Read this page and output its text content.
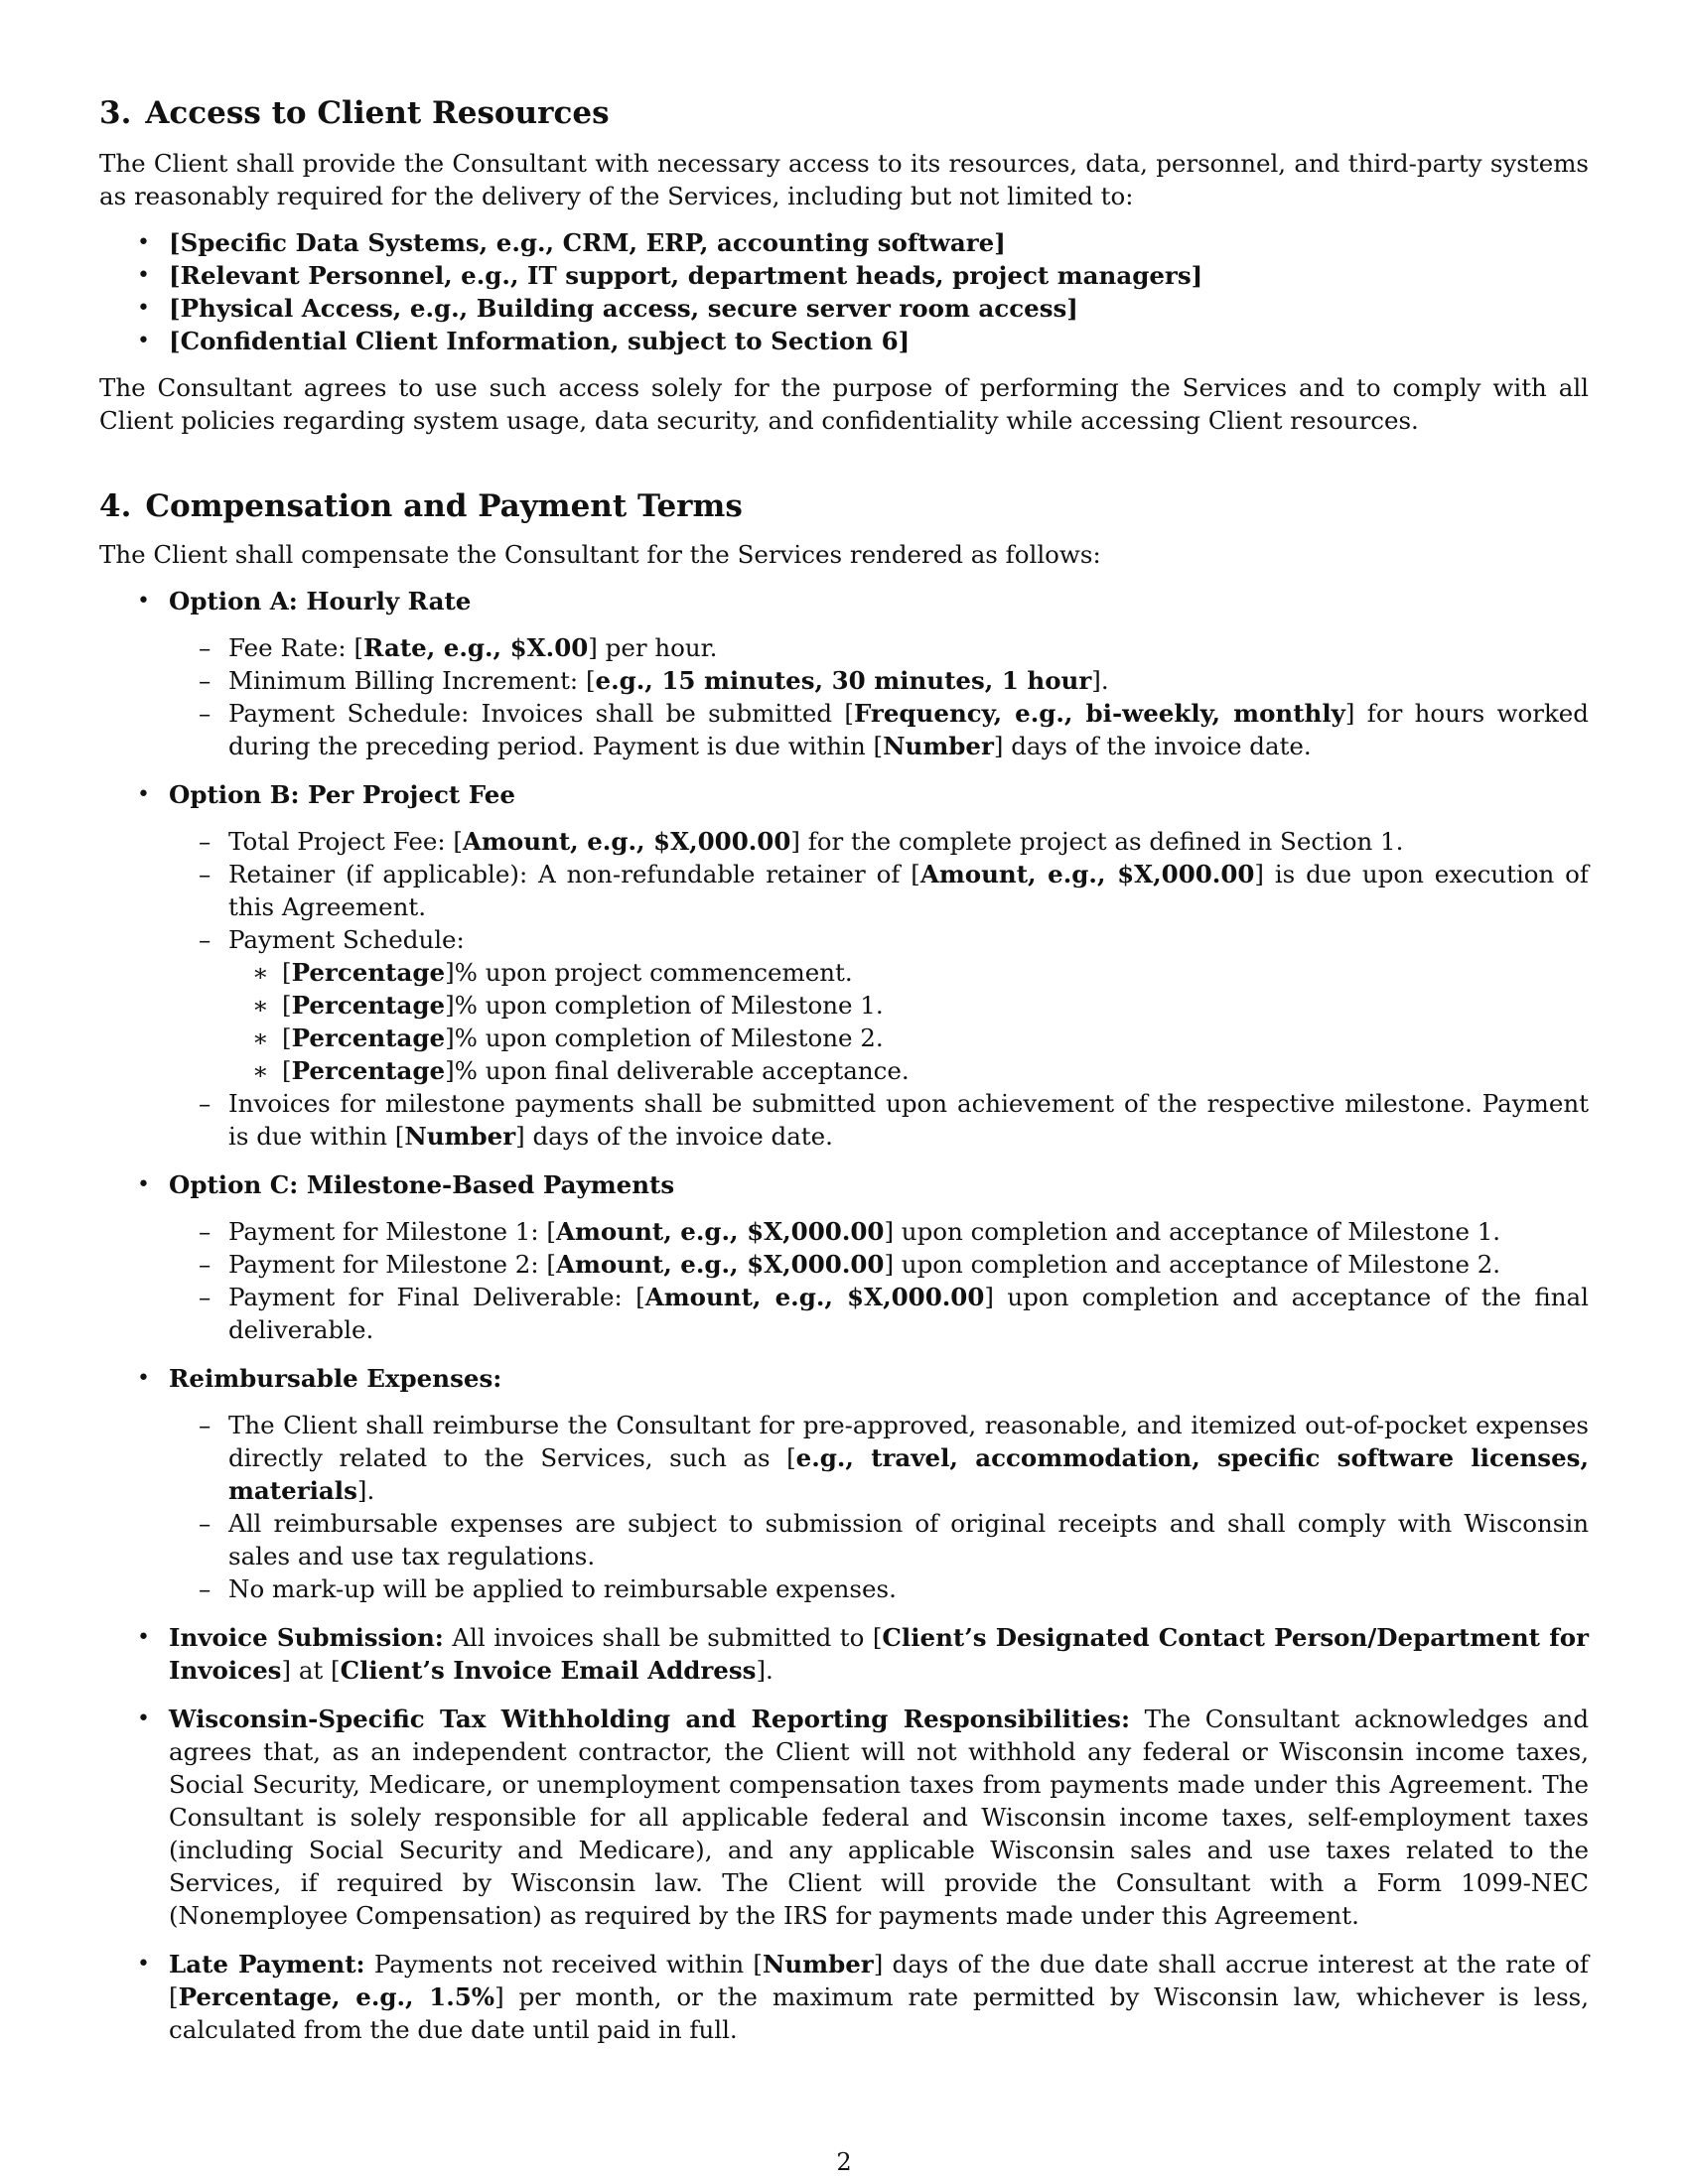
3. Access to Client Resources

The Client shall provide the Consultant with necessary access to its resources, data, personnel, and third-party systems as reasonably required for the delivery of the Services, including but not limited to:

• [Specific Data Systems, e.g., CRM, ERP, accounting software]
• [Relevant Personnel, e.g., IT support, department heads, project managers]
• [Physical Access, e.g., Building access, secure server room access]
• [Confidential Client Information, subject to Section 6]

The Consultant agrees to use such access solely for the purpose of performing the Services and to comply with all Client policies regarding system usage, data security, and confidentiality while accessing Client resources.

4. Compensation and Payment Terms

The Client shall compensate the Consultant for the Services rendered as follows:

• Option A: Hourly Rate
– Fee Rate: [Rate, e.g., $X.00] per hour.
– Minimum Billing Increment: [e.g., 15 minutes, 30 minutes, 1 hour].
– Payment Schedule: Invoices shall be submitted [Frequency, e.g., bi-weekly, monthly] for hours worked during the preceding period. Payment is due within [Number] days of the invoice date.
• Option B: Per Project Fee
– Total Project Fee: [Amount, e.g., $X,000.00] for the complete project as defined in Section 1.
– Retainer (if applicable): A non-refundable retainer of [Amount, e.g., $X,000.00] is due upon execution of this Agreement.
– Payment Schedule:
∗ [Percentage]% upon project commencement.
∗ [Percentage]% upon completion of Milestone 1.
∗ [Percentage]% upon completion of Milestone 2.
∗ [Percentage]% upon final deliverable acceptance.
– Invoices for milestone payments shall be submitted upon achievement of the respective milestone. Payment is due within [Number] days of the invoice date.
• Option C: Milestone-Based Payments
– Payment for Milestone 1: [Amount, e.g., $X,000.00] upon completion and acceptance of Milestone 1.
– Payment for Milestone 2: [Amount, e.g., $X,000.00] upon completion and acceptance of Milestone 2.
– Payment for Final Deliverable: [Amount, e.g., $X,000.00] upon completion and acceptance of the final deliverable.
• Reimbursable Expenses:
– The Client shall reimburse the Consultant for pre-approved, reasonable, and itemized out-of-pocket expenses directly related to the Services, such as [e.g., travel, accommodation, specific software licenses, materials].
– All reimbursable expenses are subject to submission of original receipts and shall comply with Wisconsin sales and use tax regulations.
– No mark-up will be applied to reimbursable expenses.
• Invoice Submission: All invoices shall be submitted to [Client’s Designated Contact Person/Department for Invoices] at [Client’s Invoice Email Address].
• Wisconsin-Specific Tax Withholding and Reporting Responsibilities: The Consultant acknowledges and agrees that, as an independent contractor, the Client will not withhold any federal or Wisconsin income taxes, Social Security, Medicare, or unemployment compensation taxes from payments made under this Agreement. The Consultant is solely responsible for all applicable federal and Wisconsin income taxes, self-employment taxes (including Social Security and Medicare), and any applicable Wisconsin sales and use taxes related to the Services, if required by Wisconsin law. The Client will provide the Consultant with a Form 1099-NEC (Nonemployee Compensation) as required by the IRS for payments made under this Agreement.
• Late Payment: Payments not received within [Number] days of the due date shall accrue interest at the rate of [Percentage, e.g., 1.5%] per month, or the maximum rate permitted by Wisconsin law, whichever is less, calculated from the due date until paid in full.
2
